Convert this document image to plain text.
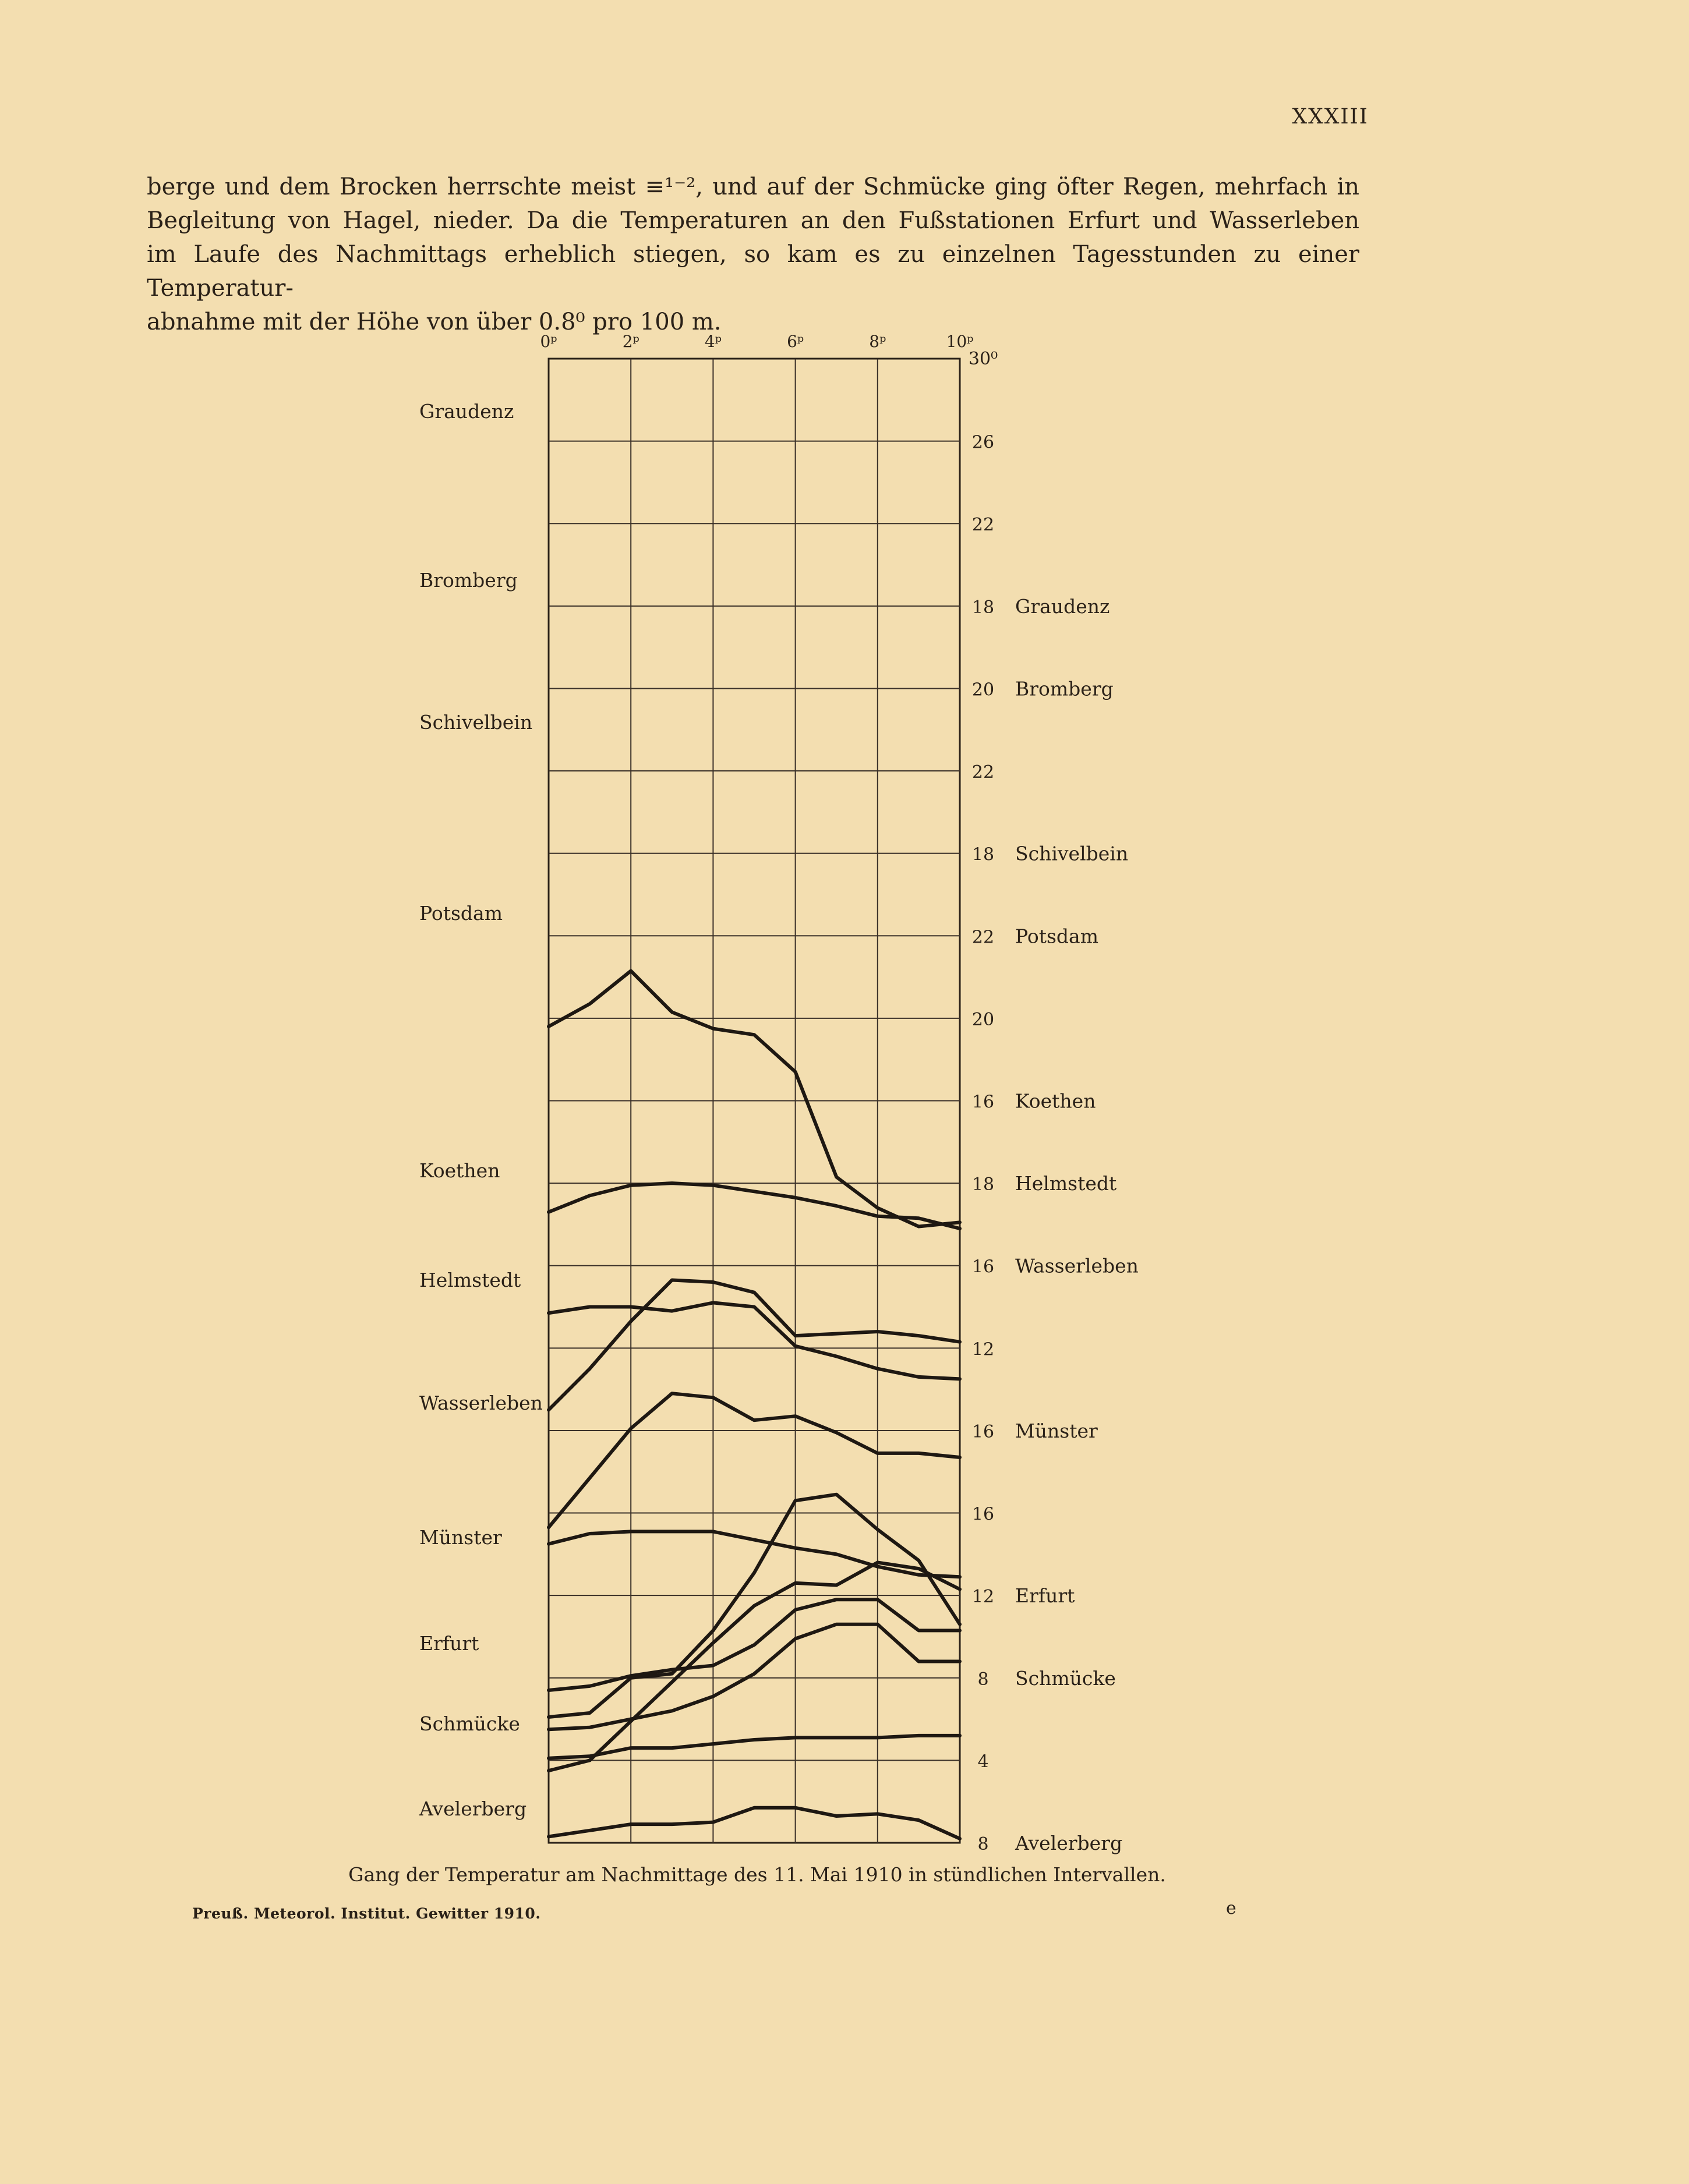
XXXIII
berge und dem Brocken herrschte meist ≡¹⁻², und auf der Schmücke ging öfter Regen, mehrfach in
Begleitung von Hagel, nieder. Da die Temperaturen an den Fußstationen Erfurt und Wasserleben
im Laufe des Nachmittags erheblich stiegen, so kam es zu einzelnen Tagesstunden zu einer Temperatur-
abnahme mit der Höhe von über 0.8⁰ pro 100 m.
0ᵖ	2ᵖ	4ᵖ	6ᵖ	8ᵖ	10ᵖ
30⁰
26
22
18 Graudenz
20 Bromberg
22
18 Schivelbein
22 Potsdam
20
16 Koethen
18 Helmstedt
16 Wasserleben
12
16 Münster
16
12 Erfurt
8 Schmücke
4
8 Avelerberg
Graudenz
Bromberg
Schivelbein
Potsdam
Koethen
Helmstedt
Wasserleben
Münster
Erfurt
Schmücke
Avelerberg
Gang der Temperatur am Nachmittage des 11. Mai 1910 in stündlichen Intervallen.
Preuß. Meteorol. Institut. Gewitter 1910.	e
